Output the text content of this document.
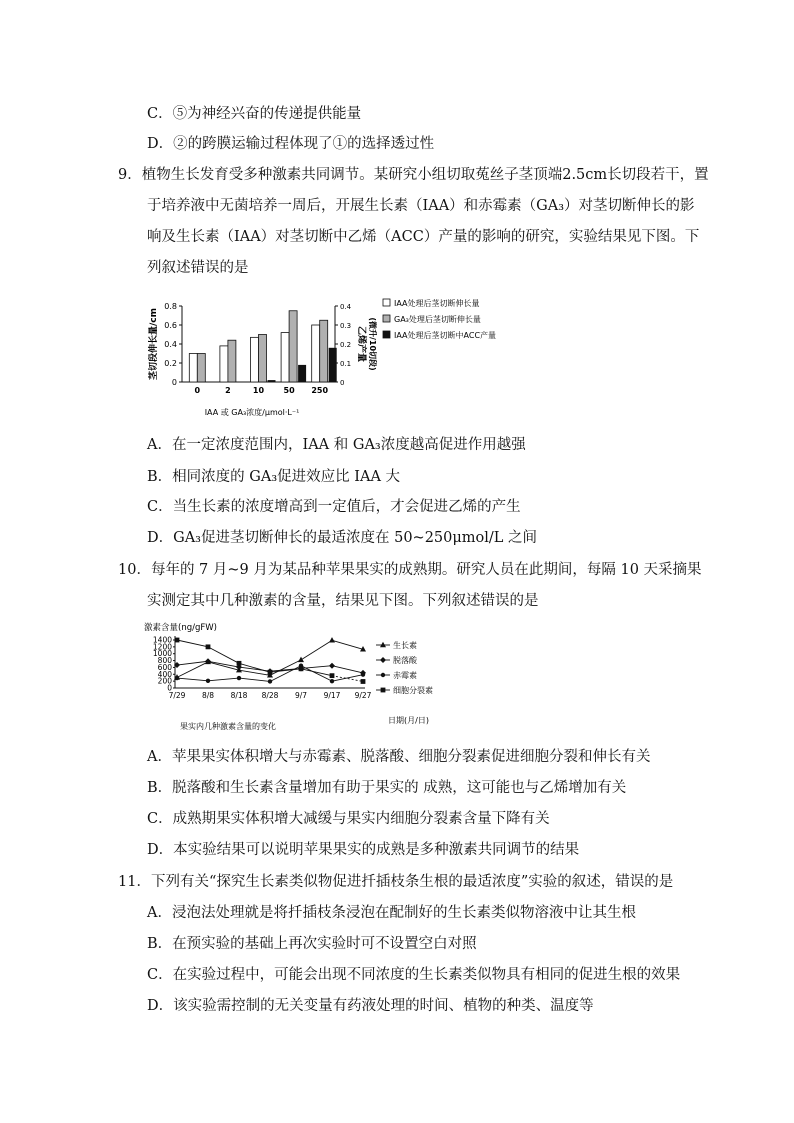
C．⑤为神经兴奋的传递提供能量
D．②的跨膜运输过程体现了①的选择透过性
9．植物生长发育受多种激素共同调节。某研究小组切取菟丝子茎顶端2.5cm长切段若干，置
于培养液中无菌培养一周后，开展生长素（IAA）和赤霉素（GA₃）对茎切断伸长的影
响及生长素（IAA）对茎切断中乙烯（ACC）产量的影响的研究，实验结果见下图。下
列叙述错误的是
0
0.2
0.4
0.6
0.8
0
0.1
0.2
0.3
0.4
0	2	10 50 250
茎切段伸长量/cm	乙烯产量 (微升/10切段)
IAA 或 GA₃浓度/μmol·L⁻¹
IAA处理后茎切断伸长量
GA₃处理后茎切断伸长量
IAA处理后茎切断中ACC产量
A．在一定浓度范围内，IAA 和 GA₃浓度越高促进作用越强
B．相同浓度的 GA₃促进效应比 IAA 大
C．当生长素的浓度增高到一定值后，才会促进乙烯的产生
D．GA₃促进茎切断伸长的最适浓度在 50~250μmol/L 之间
10．每年的 7 月~9 月为某品种苹果果实的成熟期。研究人员在此期间，每隔 10 天采摘果
实测定其中几种激素的含量，结果见下图。下列叙述错误的是
0
200
400
600
800
1000
1200
1400
7/29 8/8 8/18 8/28 9/7 9/17 9/27
激素含量(ng/gFW)
日期(月/日)
果实内几种激素含量的变化
生长素
脱落酸
赤霉素
细胞分裂素
A．苹果果实体积增大与赤霉素、脱落酸、细胞分裂素促进细胞分裂和伸长有关
B．脱落酸和生长素含量增加有助于果实的 成熟，这可能也与乙烯增加有关
C．成熟期果实体积增大减缓与果实内细胞分裂素含量下降有关
D．本实验结果可以说明苹果果实的成熟是多种激素共同调节的结果
11．下列有关“探究生长素类似物促进扦插枝条生根的最适浓度”实验的叙述，错误的是
A．浸泡法处理就是将扦插枝条浸泡在配制好的生长素类似物溶液中让其生根
B．在预实验的基础上再次实验时可不设置空白对照
C．在实验过程中，可能会出现不同浓度的生长素类似物具有相同的促进生根的效果
D．该实验需控制的无关变量有药液处理的时间、植物的种类、温度等
